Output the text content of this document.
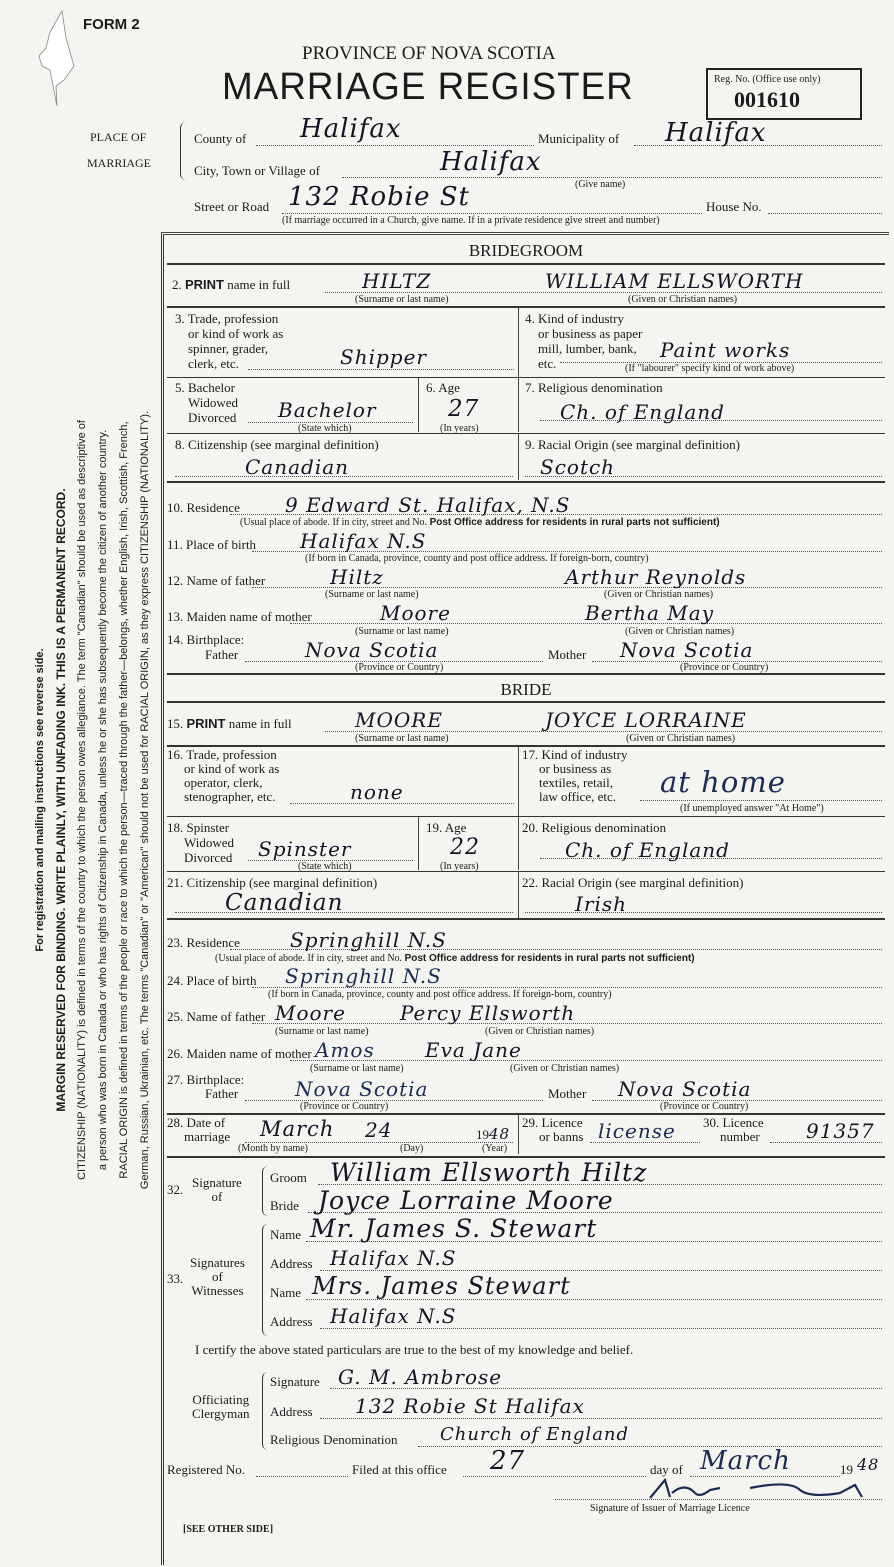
FORM 2
PROVINCE OF NOVA SCOTIA
MARRIAGE REGISTER	Reg. No. (Office use only)
001610
PLACE OF
MARRIAGE
County of Halifax	Municipality of Halifax
City, Town or Village of	Halifax
(Give name)
Street or Road 132 Robie St	House No.
(If marriage occurred in a Church, give name. If in a private residence give street and number)
For registration and mailing instructions see reverse side. MARGIN RESERVED FOR BINDING. WRITE PLAINLY, WITH UNFADING INK. THIS IS A PERMANENT RECORD. CITIZENSHIP (NATIONALITY) is defined in terms of the country to which the person owes allegiance. The term "Canadian" should be used as descriptive of a person who was born in Canada or who has rights of Citizenship in Canada, unless he or she has subsequently become the citizen of another country. RACIAL ORIGIN is defined in terms of the people or race to which the person—traced through the father—belongs, whether English, Irish, Scottish, French, German, Russian, Ukrainian, etc. The terms "Canadian" or "American" should not be used for RACIAL ORIGIN, as they express CITIZENSHIP (NATIONALITY).
BRIDEGROOM
2. PRINT name in full	HILTZ	WILLIAM ELLSWORTH
(Surname or last name)	(Given or Christian names)
3. Trade, profession
or kind of work as
spinner, grader,
clerk, etc.	Shipper
4. Kind of industry
or business as paper
mill, lumber, bank,
etc.
Paint works
(If "labourer" specify kind of work above)
5. Bachelor
Widowed
Divorced Bachelor
(State which)
6. Age
27
(In years)
7. Religious denomination
Ch. of England
8. Citizenship (see marginal definition)
Canadian
9. Racial Origin (see marginal definition)
Scotch
10. Residence 9 Edward St. Halifax, N.S
(Usual place of abode. If in city, street and No. Post Office address for residents in rural parts not sufficient)
11. Place of birth Halifax N.S
(If born in Canada, province, county and post office address. If foreign-born, country)
12. Name of father	Hiltz	Arthur Reynolds
(Surname or last name)	(Given or Christian names)
13. Maiden name of mother	Moore	Bertha May
(Surname or last name)	(Given or Christian names)
14. Birthplace:
Father	Nova Scotia	Mother Nova Scotia
(Province or Country)	(Province or Country)
BRIDE
15. PRINT name in full	MOORE	JOYCE LORRAINE
(Surname or last name)	(Given or Christian names)
16. Trade, profession
or kind of work as
operator, clerk,
stenographer, etc.	none
17. Kind of industry
or business as
textiles, retail,
law office, etc.	at home
(If unemployed answer "At Home")
18. Spinster
Widowed
Divorced Spinster
(State which)
19. Age
22
(In years)
20. Religious denomination
Ch. of England
21. Citizenship (see marginal definition)
Canadian
22. Racial Origin (see marginal definition)
Irish
23. Residence	Springhill N.S
(Usual place of abode. If in city, street and No. Post Office address for residents in rural parts not sufficient)
24. Place of birth Springhill N.S
(If born in Canada, province, county and post office address. If foreign-born, country)
25. Name of father Moore	Percy Ellsworth
(Surname or last name)	(Given or Christian names)
26. Maiden name of mother Amos	Eva Jane
(Surname or last name)	(Given or Christian names)
27. Birthplace:
Father	Nova Scotia	Mother Nova Scotia
(Province or Country)	(Province or Country)
28. Date of
marriage March 24	1948
(Month by name)	(Day)	(Year)
29. Licence
or banns license 30. Licence
number 91357
32. Signature
of
Groom William Ellsworth Hiltz
Bride Joyce Lorraine Moore
33.
Signatures
of
Witnesses
Name Mr. James S. Stewart
Address Halifax N.S
Name Mrs. James Stewart
Address Halifax N.S
I certify the above stated particulars are true to the best of my knowledge and belief.
Officiating
Clergyman
Signature G. M. Ambrose
Address 132 Robie St Halifax
Religious Denomination Church of England
Registered No.	Filed at this office 27	day of March	19 48
Signature of Issuer of Marriage Licence
[SEE OTHER SIDE]
